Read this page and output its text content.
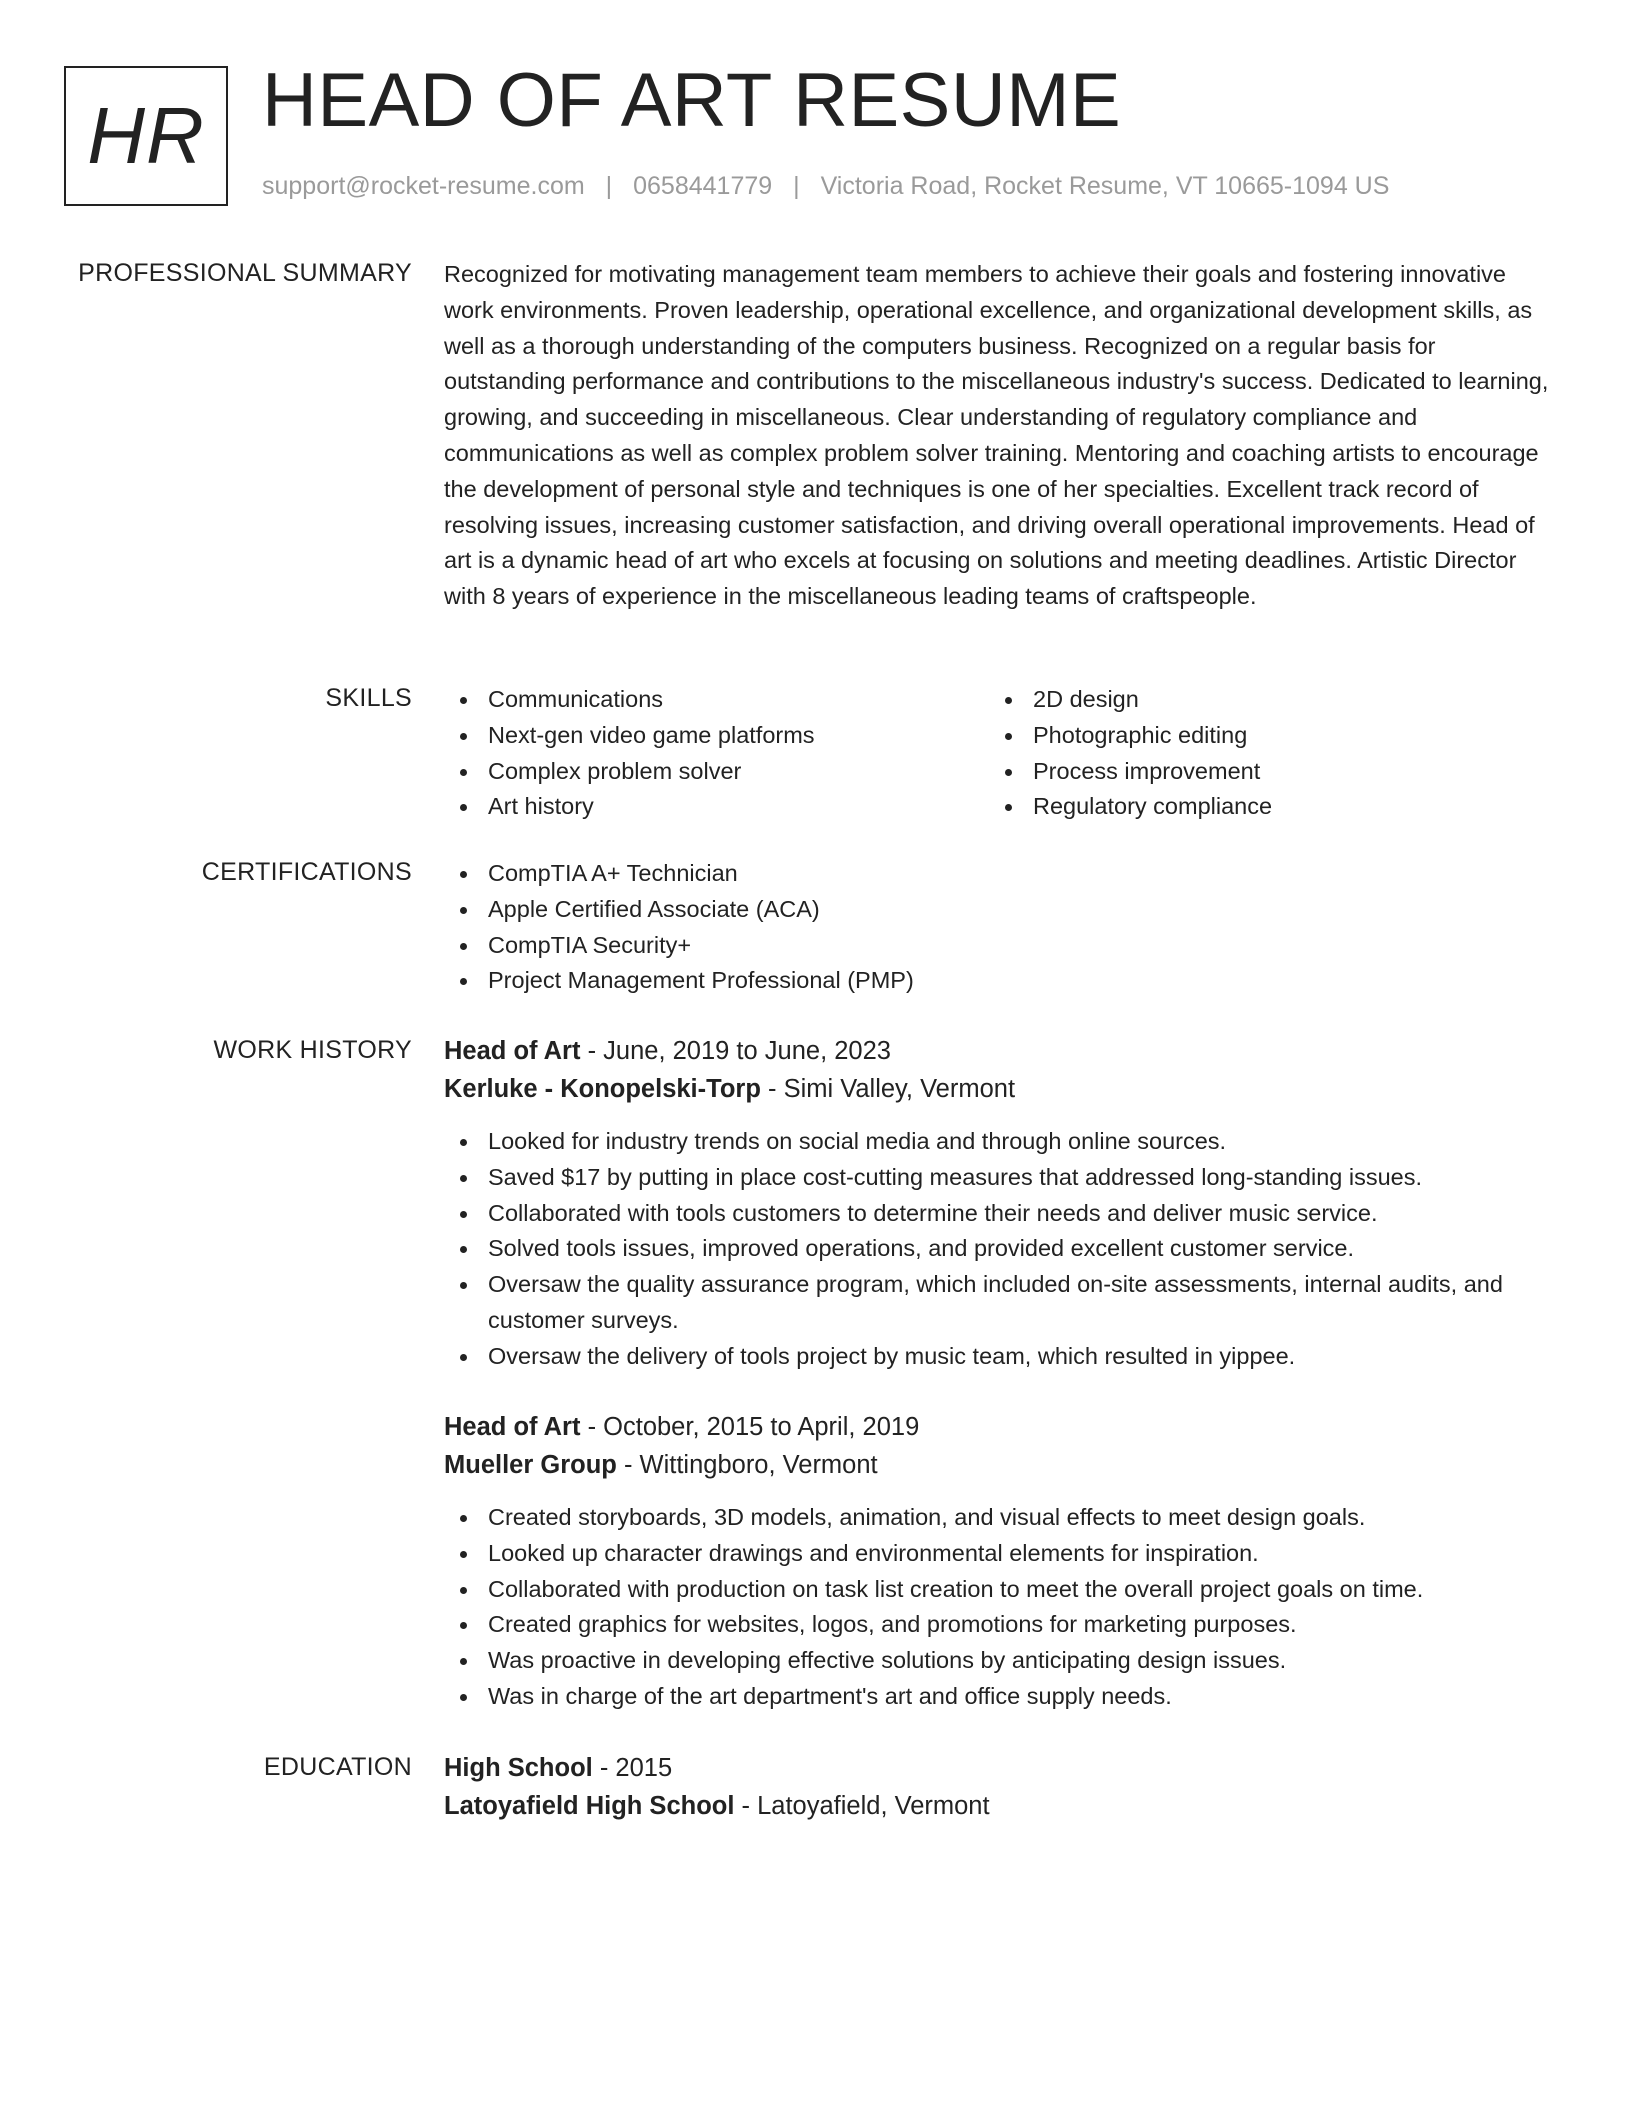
HR HEAD OF ART RESUME
support@rocket-resume.com | 0658441779 | Victoria Road, Rocket Resume, VT 10665-1094 US
PROFESSIONAL SUMMARY Recognized for motivating management team members to achieve their goals and fostering innovative work environments. Proven leadership, operational excellence, and organizational development skills, as well as a thorough understanding of the computers business. Recognized on a regular basis for outstanding performance and contributions to the miscellaneous industry's success. Dedicated to learning, growing, and succeeding in miscellaneous. Clear understanding of regulatory compliance and communications as well as complex problem solver training. Mentoring and coaching artists to encourage the development of personal style and techniques is one of her specialties. Excellent track record of resolving issues, increasing customer satisfaction, and driving overall operational improvements. Head of art is a dynamic head of art who excels at focusing on solutions and meeting deadlines. Artistic Director with 8 years of experience in the miscellaneous leading teams of craftspeople.

SKILLS	Communications
Next-gen video game platforms
Complex problem solver
Art history
2D design
Photographic editing
Process improvement
Regulatory compliance
CERTIFICATIONS	CompTIA A+ Technician
Apple Certified Associate (ACA)
CompTIA Security+
Project Management Professional (PMP)
WORK HISTORY Head of Art - June, 2019 to June, 2023
Kerluke - Konopelski-Torp - Simi Valley, Vermont
Looked for industry trends on social media and through online sources.
Saved $17 by putting in place cost-cutting measures that addressed long-standing issues.
Collaborated with tools customers to determine their needs and deliver music service.
Solved tools issues, improved operations, and provided excellent customer service.
Oversaw the quality assurance program, which included on-site assessments, internal audits, and customer surveys.
Oversaw the delivery of tools project by music team, which resulted in yippee.
Head of Art - October, 2015 to April, 2019
Mueller Group - Wittingboro, Vermont
Created storyboards, 3D models, animation, and visual effects to meet design goals.
Looked up character drawings and environmental elements for inspiration.
Collaborated with production on task list creation to meet the overall project goals on time.
Created graphics for websites, logos, and promotions for marketing purposes.
Was proactive in developing effective solutions by anticipating design issues.
Was in charge of the art department's art and office supply needs.
EDUCATION High School - 2015
Latoyafield High School - Latoyafield, Vermont
